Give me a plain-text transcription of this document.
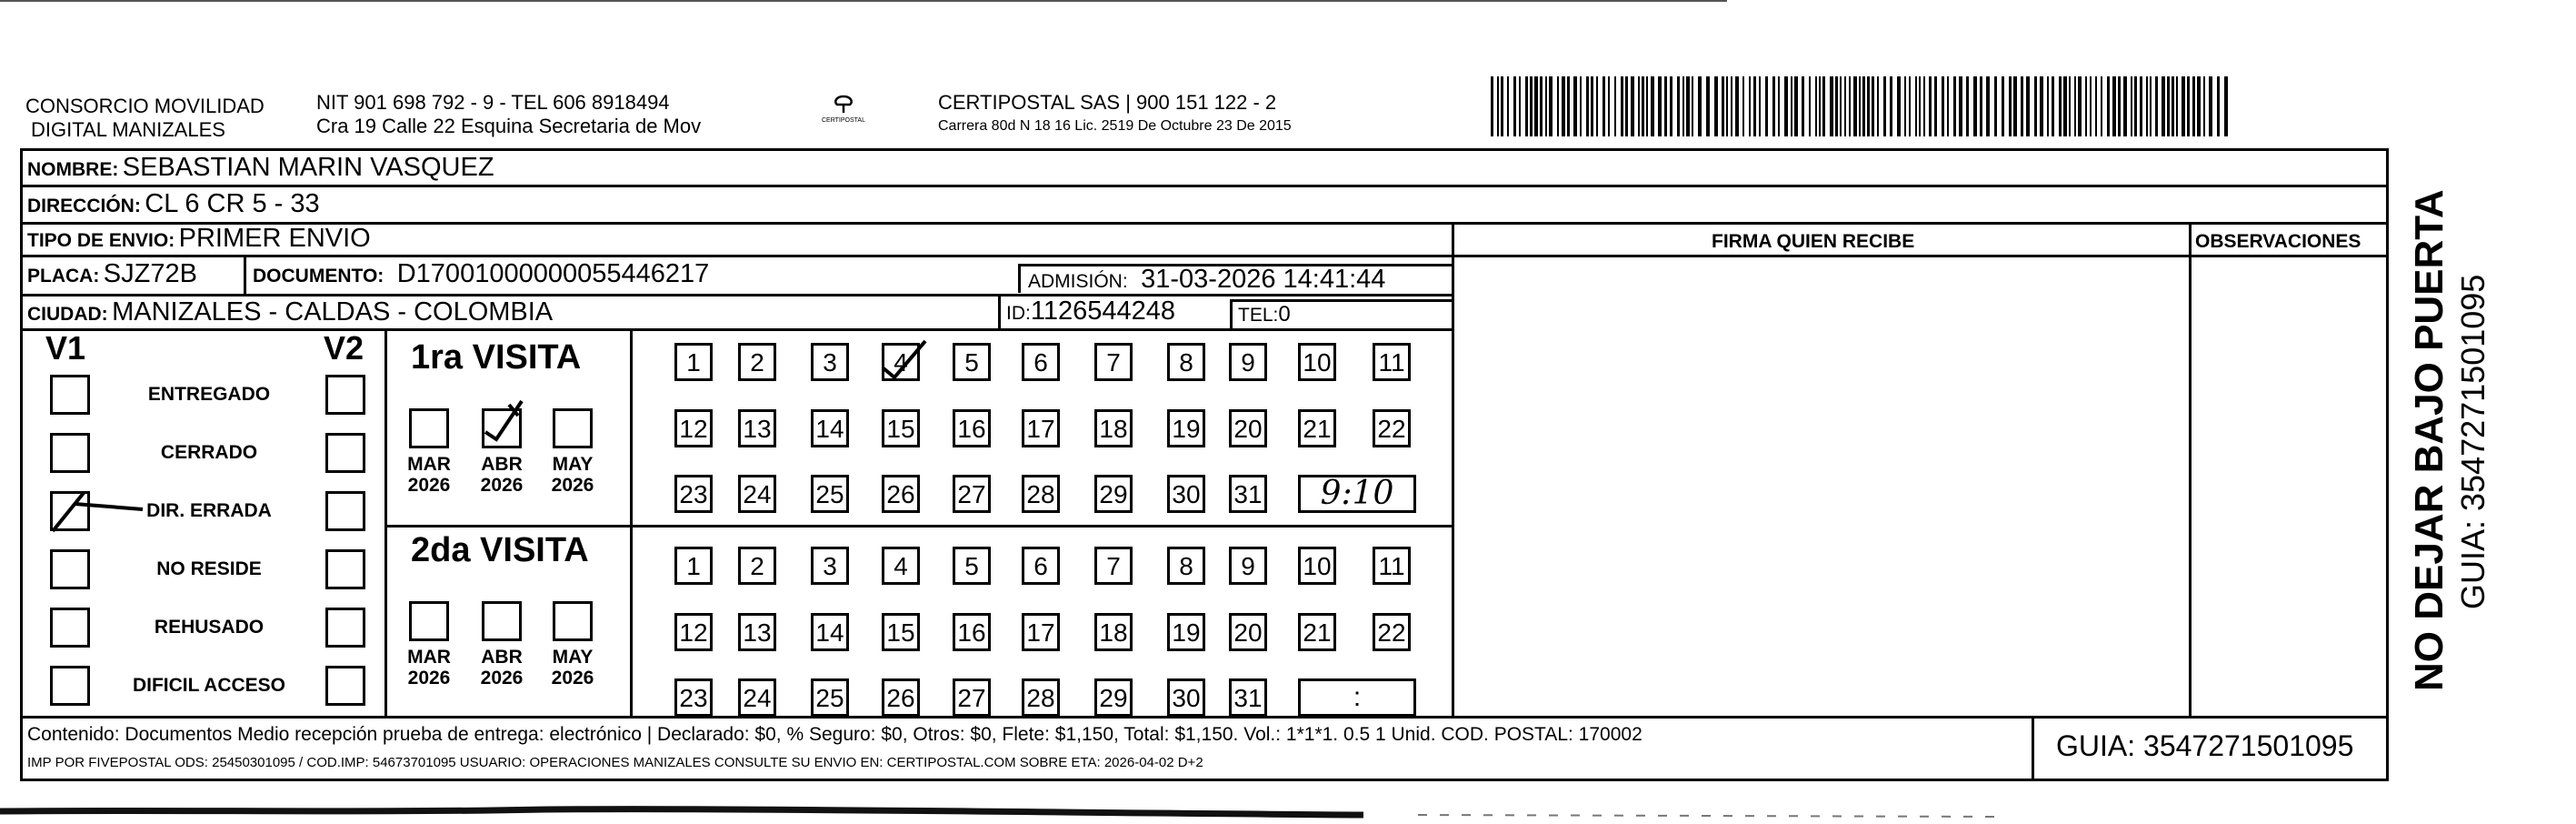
CONSORCIO MOVILIDAD
DIGITAL MANIZALES
NIT 901 698 792 - 9 - TEL 606 8918494
Cra 19 Calle 22 Esquina Secretaria de Mov	CERTIPOSTAL
CERTIPOSTAL SAS | 900 151 122 - 2
Carrera 80d N 18 16 Lic. 2519 De Octubre 23 De 2015
NOMBRE: SEBASTIAN MARIN VASQUEZ
DIRECCIÓN: CL 6 CR 5 - 33
TIPO DE ENVIO: PRIMER ENVIO	FIRMA QUIEN RECIBE	OBSERVACIONES
PLACA: SJZ72B	DOCUMENTO: D17001000000055446217	ADMISIÓN: 31-03-2026 14:41:44
CIUDAD: MANIZALES - CALDAS - COLOMBIA	ID:1126544248	TEL:0
V1	V2
ENTREGADO
CERRADO
DIR. ERRADA
NO RESIDE
REHUSADO
DIFICIL ACCESO
1ra VISITA
2da VISITA
MAR
2026
ABR
2026
MAY
2026
MAR
2026
ABR
2026
MAY
2026
1	2	3	4	5	6	7	8	9	10 11
12 13 14 15 16 17 18 19 20 21 22
23 24 25 26 27 28 29 30 31	9:10
1	2	3	4	5	6	7	8	9	10 11
12 13 14 15 16 17 18 19 20 21 22
23 24 25 26 27 28 29 30 31	:
Contenido: Documentos Medio recepción prueba de entrega: electrónico | Declarado: $0, % Seguro: $0, Otros: $0, Flete: $1,150, Total: $1,150. Vol.: 1*1*1. 0.5 1 Unid. COD. POSTAL: 170002
IMP POR FIVEPOSTAL ODS: 25450301095 / COD.IMP: 54673701095 USUARIO: OPERACIONES MANIZALES CONSULTE SU ENVIO EN: CERTIPOSTAL.COM SOBRE ETA: 2026-04-02 D+2
GUIA: 3547271501095
NO DEJAR BAJO PUERTA GUIA: 3547271501095
